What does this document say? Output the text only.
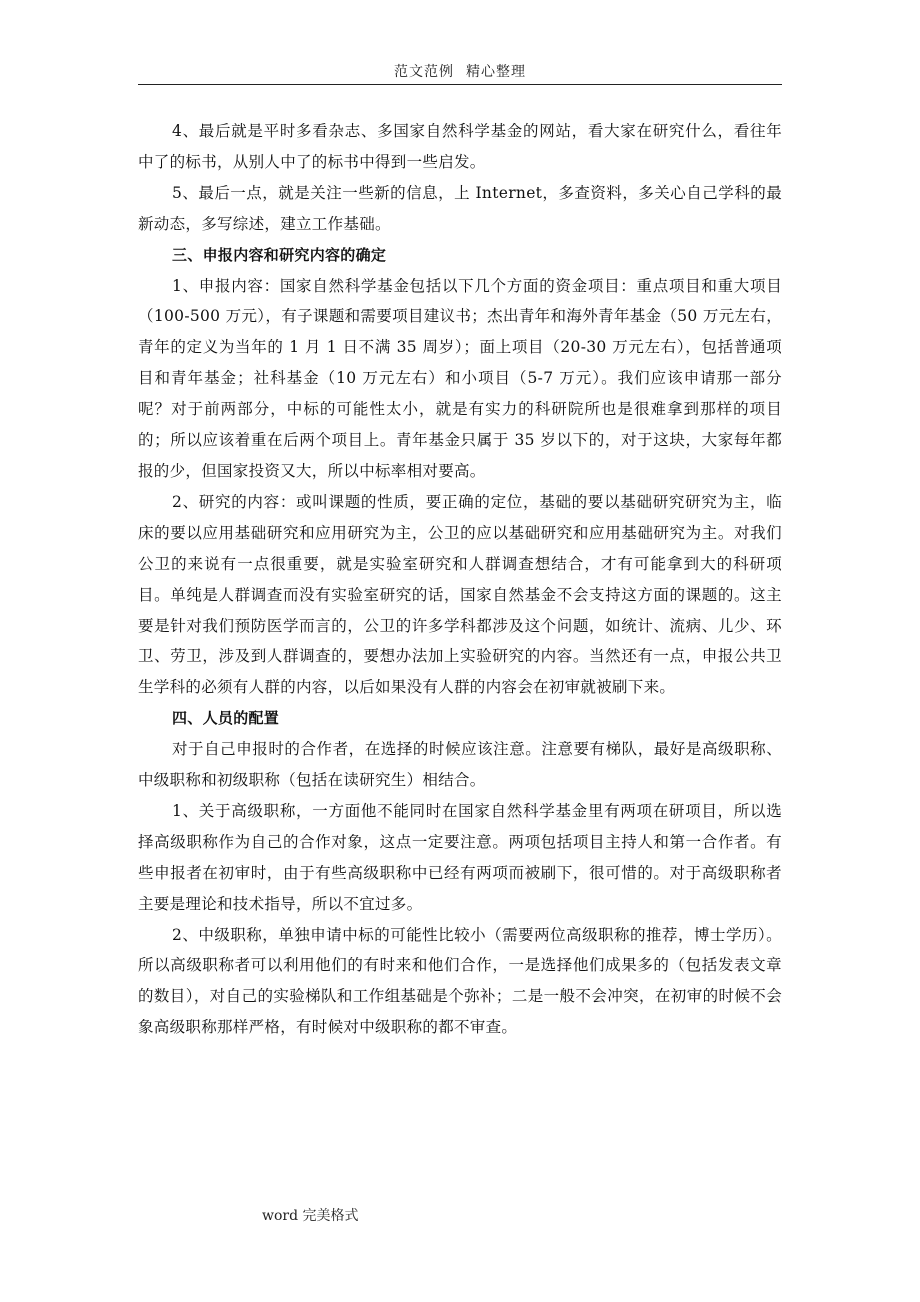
范文范例 精心整理

4、最后就是平时多看杂志、多国家自然科学基金的网站，看大家在研究什么，看往年中了的标书，从别人中了的标书中得到一些启发。

5、最后一点，就是关注一些新的信息，上 Internet，多查资料，多关心自己学科的最新动态，多写综述，建立工作基础。

三、申报内容和研究内容的确定

1、申报内容：国家自然科学基金包括以下几个方面的资金项目：重点项目和重大项目（100-500 万元），有子课题和需要项目建议书；杰出青年和海外青年基金（50 万元左右，青年的定义为当年的 1 月 1 日不满 35 周岁）；面上项目（20-30 万元左右），包括普通项目和青年基金；社科基金（10 万元左右）和小项目（5-7 万元）。我们应该申请那一部分呢？对于前两部分，中标的可能性太小，就是有实力的科研院所也是很难拿到那样的项目的；所以应该着重在后两个项目上。青年基金只属于 35 岁以下的，对于这块，大家每年都报的少，但国家投资又大，所以中标率相对要高。

2、研究的内容：或叫课题的性质，要正确的定位，基础的要以基础研究研究为主，临床的要以应用基础研究和应用研究为主，公卫的应以基础研究和应用基础研究为主。对我们公卫的来说有一点很重要，就是实验室研究和人群调查想结合，才有可能拿到大的科研项目。单纯是人群调查而没有实验室研究的话，国家自然基金不会支持这方面的课题的。这主要是针对我们预防医学而言的，公卫的许多学科都涉及这个问题，如统计、流病、儿少、环卫、劳卫，涉及到人群调查的，要想办法加上实验研究的内容。当然还有一点，申报公共卫生学科的必须有人群的内容，以后如果没有人群的内容会在初审就被刷下来。

四、人员的配置

对于自己申报时的合作者，在选择的时候应该注意。注意要有梯队，最好是高级职称、中级职称和初级职称（包括在读研究生）相结合。

1、关于高级职称，一方面他不能同时在国家自然科学基金里有两项在研项目，所以选择高级职称作为自己的合作对象，这点一定要注意。两项包括项目主持人和第一合作者。有些申报者在初审时，由于有些高级职称中已经有两项而被刷下，很可惜的。对于高级职称者主要是理论和技术指导，所以不宜过多。

2、中级职称，单独申请中标的可能性比较小（需要两位高级职称的推荐，博士学历）。所以高级职称者可以利用他们的有时来和他们合作，一是选择他们成果多的（包括发表文章的数目），对自己的实验梯队和工作组基础是个弥补；二是一般不会冲突，在初审的时候不会象高级职称那样严格，有时候对中级职称的都不审查。

word 完美格式
